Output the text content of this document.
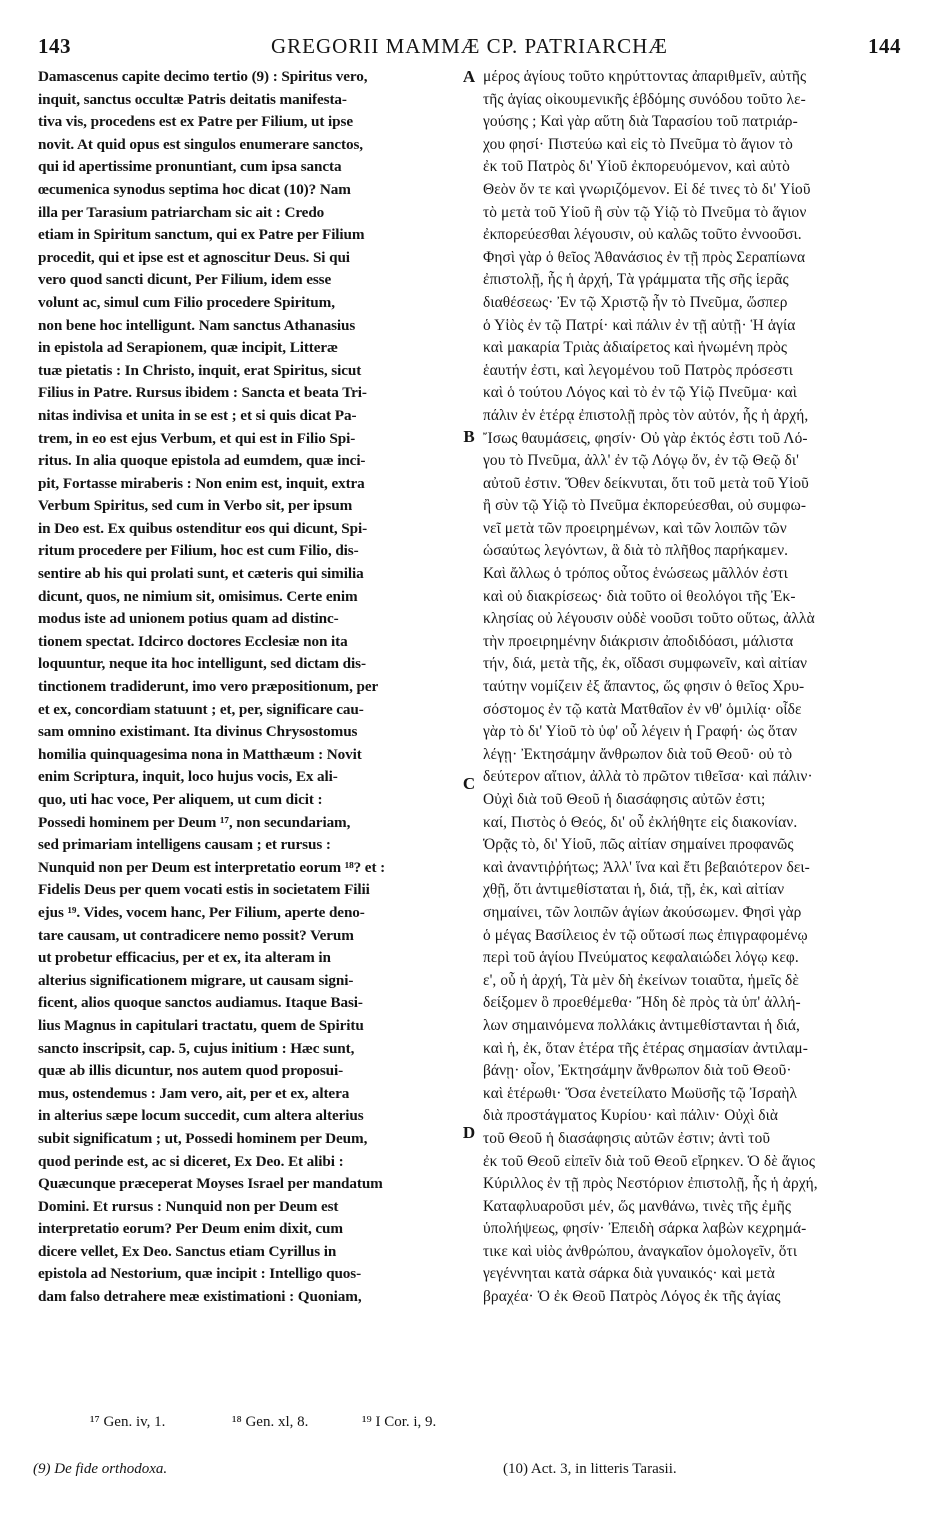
143	GREGORII MAMMÆ CP. PATRIARCHÆ	144
Damascenus capite decimo tertio (9) : Spiritus vero,
inquit, sanctus occultæ Patris deitatis manifesta-
tiva vis, procedens est ex Patre per Filium, ut ipse
novit. At quid opus est singulos enumerare sanctos,
qui id apertissime pronuntiant, cum ipsa sancta
œcumenica synodus septima hoc dicat (10)? Nam
illa per Tarasium patriarcham sic ait : Credo
etiam in Spiritum sanctum, qui ex Patre per Filium
procedit, qui et ipse est et agnoscitur Deus. Si qui
vero quod sancti dicunt, Per Filium, idem esse
volunt ac, simul cum Filio procedere Spiritum,
non bene hoc intelligunt. Nam sanctus Athanasius
in epistola ad Serapionem, quæ incipit, Litteræ
tuæ pietatis : In Christo, inquit, erat Spiritus, sicut
Filius in Patre. Rursus ibidem : Sancta et beata Tri-
nitas indivisa et unita in se est ; et si quis dicat Pa-
trem, in eo est ejus Verbum, et qui est in Filio Spi-
ritus. In alia quoque epistola ad eumdem, quæ inci-
pit, Fortasse miraberis : Non enim est, inquit, extra
Verbum Spiritus, sed cum in Verbo sit, per ipsum
in Deo est. Ex quibus ostenditur eos qui dicunt, Spi-
ritum procedere per Filium, hoc est cum Filio, dis-
sentire ab his qui prolati sunt, et cæteris qui similia
dicunt, quos, ne nimium sit, omisimus. Certe enim
modus iste ad unionem potius quam ad distinc-
tionem spectat. Idcirco doctores Ecclesiæ non ita
loquuntur, neque ita hoc intelligunt, sed dictam dis-
tinctionem tradiderunt, imo vero præpositionum, per
et ex, concordiam statuunt ; et, per, significare cau-
sam omnino existimant. Ita divinus Chrysostomus
homilia quinquagesima nona in Matthæum : Novit
enim Scriptura, inquit, loco hujus vocis, Ex ali-
quo, uti hac voce, Per aliquem, ut cum dicit :
Possedi hominem per Deum ¹⁷, non secundariam,
sed primariam intelligens causam ; et rursus :
Nunquid non per Deum est interpretatio eorum ¹⁸? et :
Fidelis Deus per quem vocati estis in societatem Filii
ejus ¹⁹. Vides, vocem hanc, Per Filium, aperte deno-
tare causam, ut contradicere nemo possit? Verum
ut probetur efficacius, per et ex, ita alteram in
alterius significationem migrare, ut causam signi-
ficent, alios quoque sanctos audiamus. Itaque Basi-
lius Magnus in capitulari tractatu, quem de Spiritu
sancto inscripsit, cap. 5, cujus initium : Hæc sunt,
quæ ab illis dicuntur, nos autem quod proposui-
mus, ostendemus : Jam vero, ait, per et ex, altera
in alterius sæpe locum succedit, cum altera alterius
subit significatum ; ut, Possedi hominem per Deum,
quod perinde est, ac si diceret, Ex Deo. Et alibi :
Quæcunque præceperat Moyses Israel per mandatum
Domini. Et rursus : Nunquid non per Deum est
interpretatio eorum? Per Deum enim dixit, cum
dicere vellet, Ex Deo. Sanctus etiam Cyrillus in
epistola ad Nestorium, quæ incipit : Intelligo quos-
dam falso detrahere meæ existimationi : Quoniam,
μέρος ἁγίους τοῦτο κηρύττοντας ἀπαριθμεῖν, αὐτῆς
τῆς ἁγίας οἰκουμενικῆς ἑβδόμης συνόδου τοῦτο λε-
γούσης ; Καὶ γὰρ αὕτη διὰ Ταρασίου τοῦ πατριάρ-
χου φησί· Πιστεύω καὶ εἰς τὸ Πνεῦμα τὸ ἅγιον τὸ
ἐκ τοῦ Πατρὸς δι' Υἱοῦ ἐκπορευόμενον, καὶ αὐτὸ
Θεὸν ὄν τε καὶ γνωριζόμενον. Εἰ δέ τινες τὸ δι' Υἱοῦ
τὸ μετὰ τοῦ Υἱοῦ ἢ σὺν τῷ Υἱῷ τὸ Πνεῦμα τὸ ἅγιον
ἐκπορεύεσθαι λέγουσιν, οὐ καλῶς τοῦτο ἐννοοῦσι.
Φησὶ γὰρ ὁ θεῖος Ἀθανάσιος ἐν τῇ πρὸς Σεραπίωνα
ἐπιστολῇ, ἧς ἡ ἀρχή, Τὰ γράμματα τῆς σῆς ἱερᾶς
διαθέσεως· Ἐν τῷ Χριστῷ ἦν τὸ Πνεῦμα, ὥσπερ
ὁ Υἱὸς ἐν τῷ Πατρί· καὶ πάλιν ἐν τῇ αὐτῇ· Ἡ ἁγία
καὶ μακαρία Τριὰς ἀδιαίρετος καὶ ἡνωμένη πρὸς
ἑαυτήν ἐστι, καὶ λεγομένου τοῦ Πατρὸς πρόσεστι
καὶ ὁ τούτου Λόγος καὶ τὸ ἐν τῷ Υἱῷ Πνεῦμα· καὶ
πάλιν ἐν ἑτέρᾳ ἐπιστολῇ πρὸς τὸν αὐτόν, ἧς ἡ ἀρχή,
Ἴσως θαυμάσεις, φησίν· Οὐ γὰρ ἐκτός ἐστι τοῦ Λό-
γου τὸ Πνεῦμα, ἀλλ' ἐν τῷ Λόγῳ ὄν, ἐν τῷ Θεῷ δι'
αὐτοῦ ἐστιν. Ὅθεν δείκνυται, ὅτι τοῦ μετὰ τοῦ Υἱοῦ
ἢ σὺν τῷ Υἱῷ τὸ Πνεῦμα ἐκπορεύεσθαι, οὐ συμφω-
νεῖ μετὰ τῶν προειρημένων, καὶ τῶν λοιπῶν τῶν
ὡσαύτως λεγόντων, ἃ διὰ τὸ πλῆθος παρήκαμεν.
Καὶ ἄλλως ὁ τρόπος οὗτος ἑνώσεως μᾶλλόν ἐστι
καὶ οὐ διακρίσεως· διὰ τοῦτο οἱ θεολόγοι τῆς Ἐκ-
κλησίας οὐ λέγουσιν οὐδὲ νοοῦσι τοῦτο οὕτως, ἀλλὰ
τὴν προειρημένην διάκρισιν ἀποδιδόασι, μάλιστα
τήν, διά, μετὰ τῆς, ἐκ, οἴδασι συμφωνεῖν, καὶ αἰτίαν
ταύτην νομίζειν ἐξ ἅπαντος, ὥς φησιν ὁ θεῖος Χρυ-
σόστομος ἐν τῷ κατὰ Ματθαῖον ἐν νθ' ὁμιλίᾳ· οἶδε
γὰρ τὸ δι' Υἱοῦ τὸ ὑφ' οὗ λέγειν ἡ Γραφή· ὡς ὅταν
λέγῃ· Ἐκτησάμην ἄνθρωπον διὰ τοῦ Θεοῦ· οὐ τὸ
δεύτερον αἴτιον, ἀλλὰ τὸ πρῶτον τιθεῖσα· καὶ πάλιν·
Οὐχὶ διὰ τοῦ Θεοῦ ἡ διασάφησις αὐτῶν ἐστι;
καί, Πιστὸς ὁ Θεός, δι' οὗ ἐκλήθητε εἰς διακονίαν.
Ὁρᾷς τὸ, δι' Υἱοῦ, πῶς αἰτίαν σημαίνει προφανῶς
καὶ ἀναντιῤῥήτως; Ἀλλ' ἵνα καὶ ἔτι βεβαιότερον δει-
χθῇ, ὅτι ἀντιμεθίσταται ἡ, διά, τῇ, ἐκ, καὶ αἰτίαν
σημαίνει, τῶν λοιπῶν ἁγίων ἀκούσωμεν. Φησὶ γὰρ
ὁ μέγας Βασίλειος ἐν τῷ οὕτωσί πως ἐπιγραφομένῳ
περὶ τοῦ ἁγίου Πνεύματος κεφαλαιώδει λόγῳ κεφ.
ε', οὗ ἡ ἀρχή, Τὰ μὲν δὴ ἐκείνων τοιαῦτα, ἡμεῖς δὲ
δείξομεν ὃ προεθέμεθα· Ἤδη δὲ πρὸς τὰ ὑπ' ἀλλή-
λων σημαινόμενα πολλάκις ἀντιμεθίστανται ἡ διά,
καὶ ἡ, ἐκ, ὅταν ἑτέρα τῆς ἑτέρας σημασίαν ἀντιλαμ-
βάνῃ· οἷον, Ἐκτησάμην ἄνθρωπον διὰ τοῦ Θεοῦ·
καὶ ἑτέρωθι· Ὅσα ἐνετείλατο Μωϋσῆς τῷ Ἰσραὴλ
διὰ προστάγματος Κυρίου· καὶ πάλιν· Οὐχὶ διὰ
τοῦ Θεοῦ ἡ διασάφησις αὐτῶν ἐστιν; ἀντὶ τοῦ
ἐκ τοῦ Θεοῦ εἰπεῖν διὰ τοῦ Θεοῦ εἴρηκεν. Ὁ δὲ ἅγιος
Κύριλλος ἐν τῇ πρὸς Νεστόριον ἐπιστολῇ, ἧς ἡ ἀρχή,
Καταφλυαροῦσι μέν, ὥς μανθάνω, τινὲς τῆς ἐμῆς
ὑπολήψεως, φησίν· Ἐπειδὴ σάρκα λαβὼν κεχρημά-
τικε καὶ υἱὸς ἀνθρώπου, ἀναγκαῖον ὁμολογεῖν, ὅτι
γεγέννηται κατὰ σάρκα διὰ γυναικός· καὶ μετὰ
βραχέα· Ὁ ἐκ Θεοῦ Πατρὸς Λόγος ἐκ τῆς ἁγίας
A
B
C
D
¹⁷ Gen. iv, 1.	¹⁸ Gen. xl, 8.	¹⁹ I Cor. i, 9.
(9) De fide orthodoxa.	(10) Act. 3, in litteris Tarasii.
